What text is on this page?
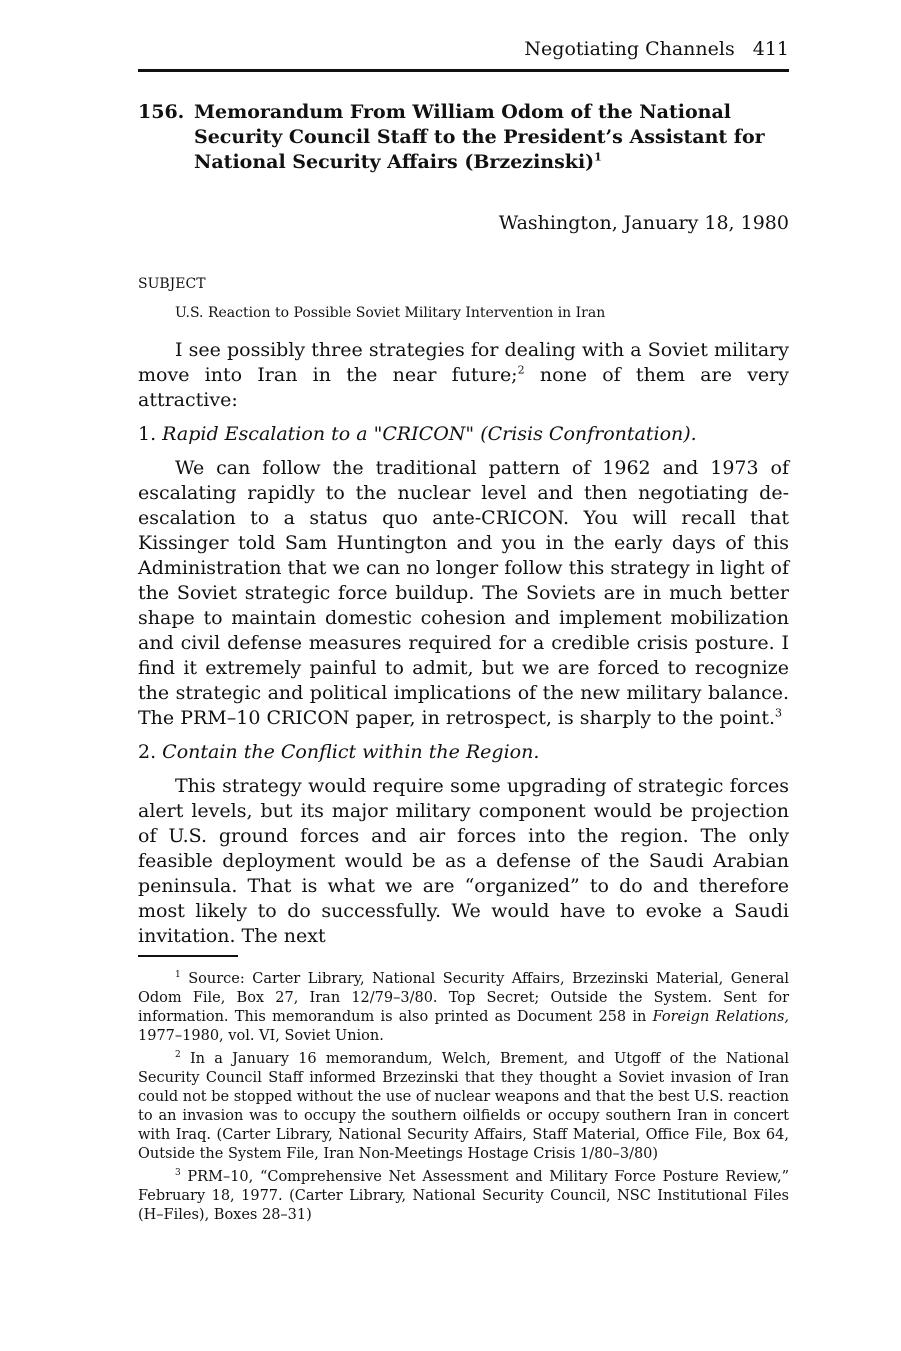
Negotiating Channels 411
156. Memorandum From William Odom of the National Security Council Staff to the President’s Assistant for National Security Affairs (Brzezinski)$^1$
Washington, January 18, 1980
SUBJECT
U.S. Reaction to Possible Soviet Military Intervention in Iran

I see possibly three strategies for dealing with a Soviet military move into Iran in the near future;$^2$ none of them are very attractive:

1. Rapid Escalation to a "CRICON" (Crisis Confrontation).

We can follow the traditional pattern of 1962 and 1973 of escalating rapidly to the nuclear level and then negotiating de-escalation to a status quo ante-CRICON. You will recall that Kissinger told Sam Huntington and you in the early days of this Administration that we can no longer follow this strategy in light of the Soviet strategic force buildup. The Soviets are in much better shape to maintain domestic cohesion and implement mobilization and civil defense measures required for a credible crisis posture. I find it extremely painful to admit, but we are forced to recognize the strategic and political implications of the new military balance. The PRM–10 CRICON paper, in retrospect, is sharply to the point.$^3$

2. Contain the Conflict within the Region.

This strategy would require some upgrading of strategic forces alert levels, but its major military component would be projection of U.S. ground forces and air forces into the region. The only feasible deployment would be as a defense of the Saudi Arabian peninsula. That is what we are “organized” to do and therefore most likely to do successfully. We would have to evoke a Saudi invitation. The next

$^1$ Source: Carter Library, National Security Affairs, Brzezinski Material, General Odom File, Box 27, Iran 12/79–3/80. Top Secret; Outside the System. Sent for information. This memorandum is also printed as Document 258 in Foreign Relations, 1977–1980, vol. VI, Soviet Union.

$^2$ In a January 16 memorandum, Welch, Brement, and Utgoff of the National Security Council Staff informed Brzezinski that they thought a Soviet invasion of Iran could not be stopped without the use of nuclear weapons and that the best U.S. reaction to an invasion was to occupy the southern oilfields or occupy southern Iran in concert with Iraq. (Carter Library, National Security Affairs, Staff Material, Office File, Box 64, Outside the System File, Iran Non-Meetings Hostage Crisis 1/80–3/80)

$^3$ PRM–10, “Comprehensive Net Assessment and Military Force Posture Review,” February 18, 1977. (Carter Library, National Security Council, NSC Institutional Files (H–Files), Boxes 28–31)
